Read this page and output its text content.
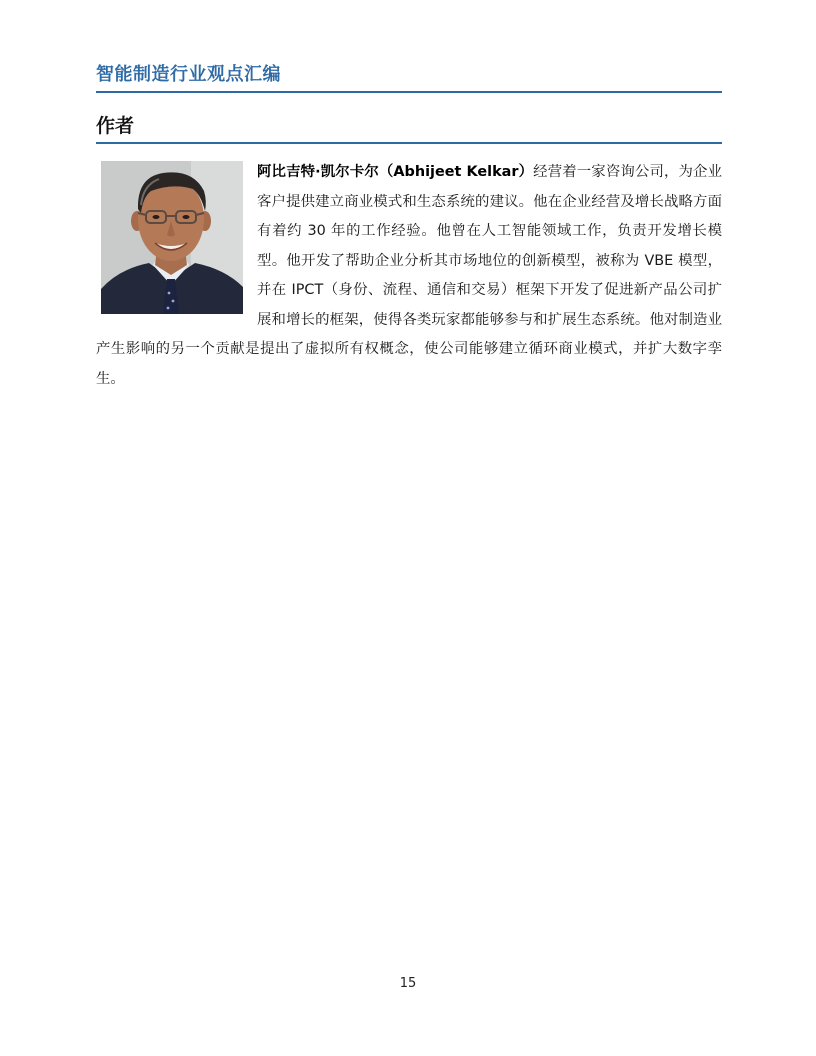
智能制造行业观点汇编
作者
阿比吉特·凯尔卡尔（Abhijeet Kelkar）经营着一家咨询公司，为企业客户提供建立商业模式和生态系统的建议。他在企业经营及增长战略方面有着约 30 年的工作经验。他曾在人工智能领域工作，负责开发增长模型。他开发了帮助企业分析其市场地位的创新模型，被称为 VBE 模型，并在 IPCT（身份、流程、通信和交易）框架下开发了促进新产品公司扩展和增长的框架，使得各类玩家都能够参与和扩展生态系统。他对制造业产生影响的另一个贡献是提出了虚拟所有权概念，使公司能够建立循环商业模式，并扩大数字孪生。
15
